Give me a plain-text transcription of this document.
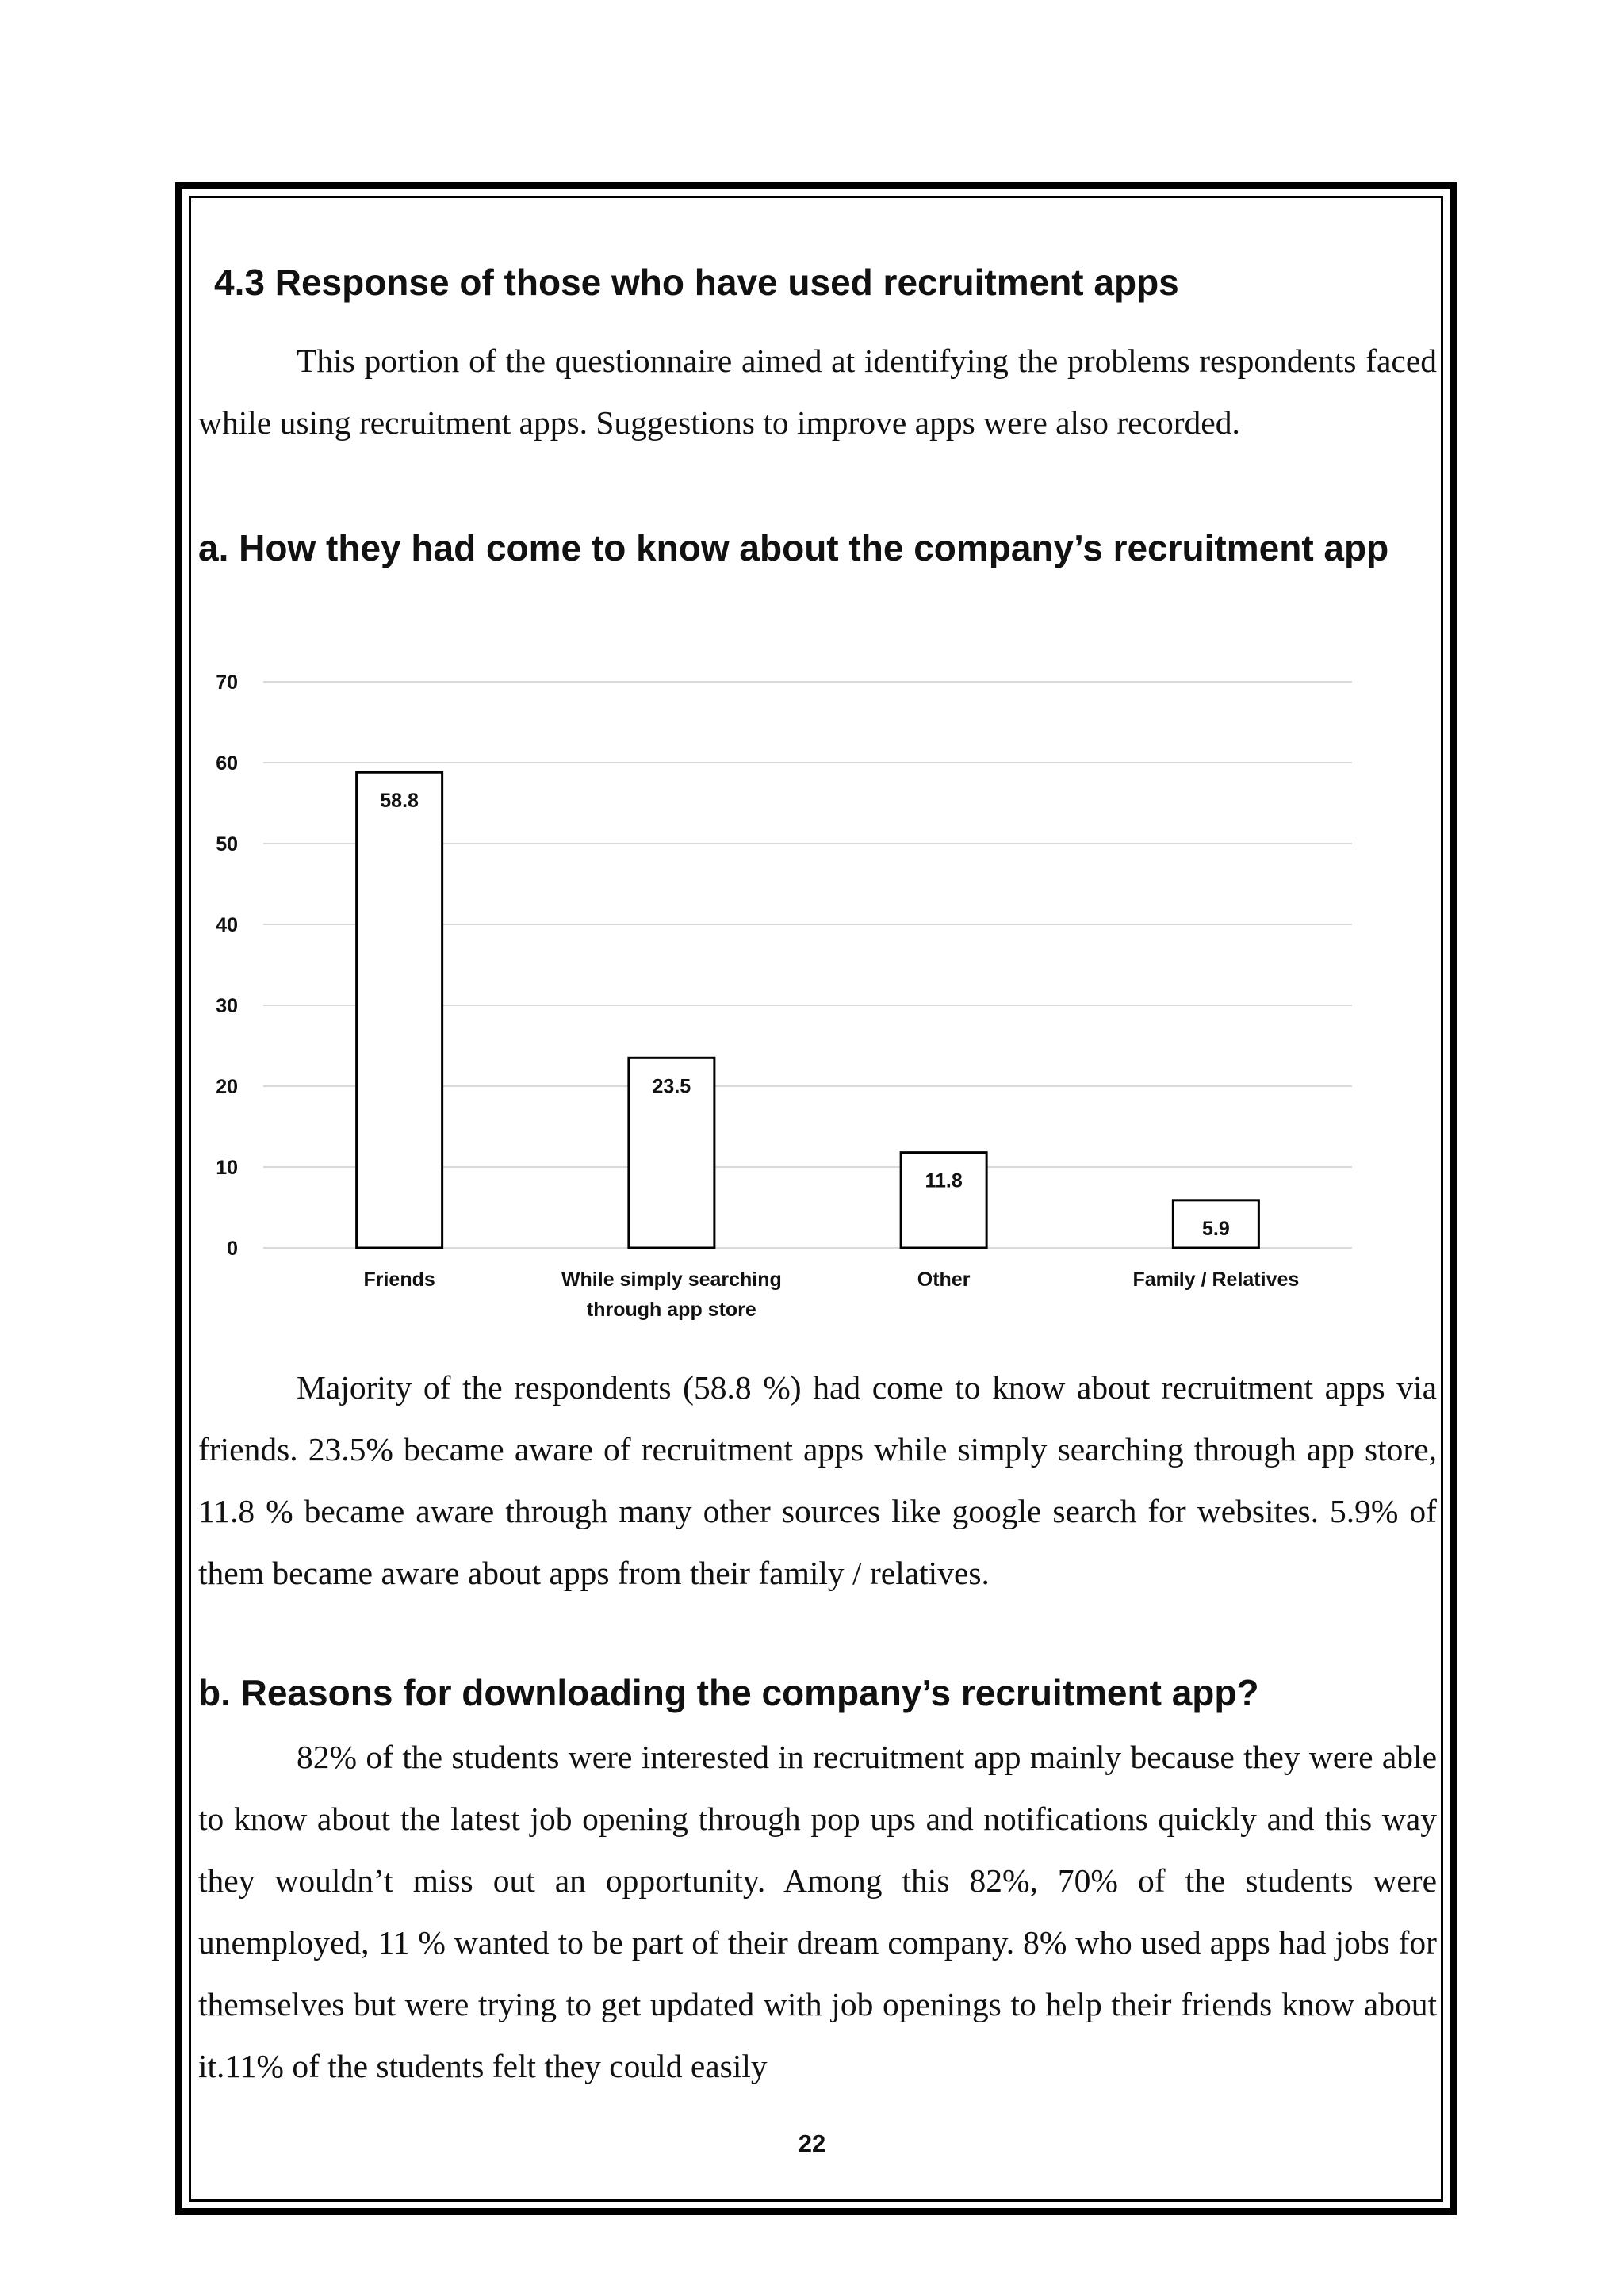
4.3 Response of those who have used recruitment apps

This portion of the questionnaire aimed at identifying the problems respondents faced while using recruitment apps. Suggestions to improve apps were also recorded.

a. How they had come to know about the company’s recruitment app
0
10
20
30
40
50
60
70
58.8
23.5
11.8
5.9
Friends	While simply searching
through app store
Other	Family / Relatives

Majority of the respondents (58.8 %) had come to know about recruitment apps via friends. 23.5% became aware of recruitment apps while simply searching through app store, 11.8 % became aware through many other sources like google search for websites. 5.9% of them became aware about apps from their family / relatives.

b. Reasons for downloading the company’s recruitment app?

82% of the students were interested in recruitment app mainly because they were able to know about the latest job opening through pop ups and notifications quickly and this way they wouldn’t miss out an opportunity. Among this 82%, 70% of the students were unemployed, 11 % wanted to be part of their dream company. 8% who used apps had jobs for themselves but were trying to get updated with job openings to help their friends know about it.11% of the students felt they could easily

22
